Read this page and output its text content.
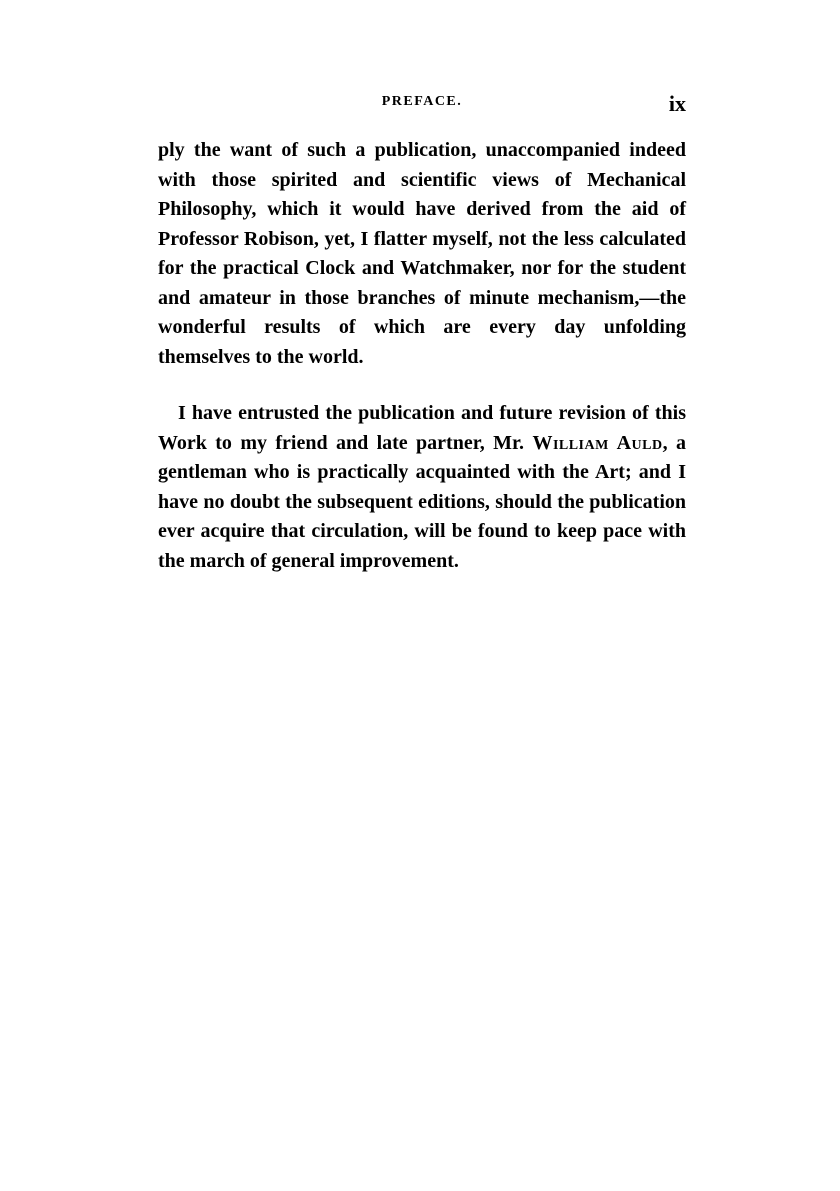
PREFACE.	ix

ply the want of such a publication, unaccompanied indeed with those spirited and scientific views of Mechanical Philosophy, which it would have derived from the aid of Professor Robison, yet, I flatter myself, not the less calculated for the practical Clock and Watchmaker, nor for the student and amateur in those branches of minute mechanism,—the wonderful results of which are every day unfolding themselves to the world.

I have entrusted the publication and future revision of this Work to my friend and late partner, Mr. William Auld, a gentleman who is practically acquainted with the Art; and I have no doubt the subsequent editions, should the publication ever acquire that circulation, will be found to keep pace with the march of general improvement.
